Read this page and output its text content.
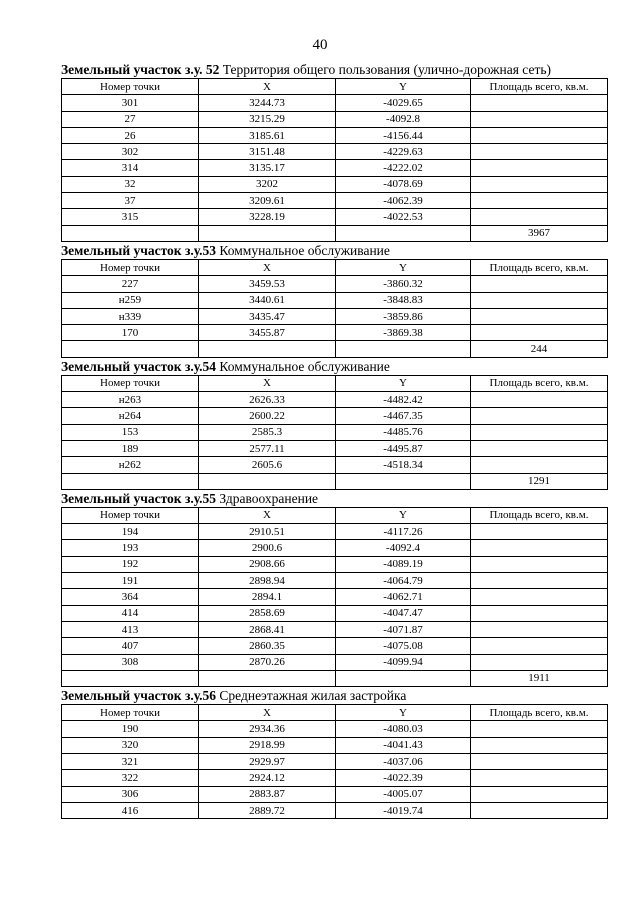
40
Земельный участок з.у. 52 Территория общего пользования (улично-дорожная сеть)
Номер точки	X	Y	Площадь всего, кв.м.
301	3244.73	-4029.65	
27	3215.29	-4092.8	
26	3185.61	-4156.44	
302	3151.48	-4229.63	
314	3135.17	-4222.02	
32	3202	-4078.69	
37	3209.61	-4062.39	
315	3228.19	-4022.53	
			3967
Земельный участок з.у.53 Коммунальное обслуживание
Номер точки	X	Y	Площадь всего, кв.м.
227	3459.53	-3860.32	
н259	3440.61	-3848.83	
н339	3435.47	-3859.86	
170	3455.87	-3869.38	
			244
Земельный участок з.у.54 Коммунальное обслуживание
Номер точки	X	Y	Площадь всего, кв.м.
н263	2626.33	-4482.42	
н264	2600.22	-4467.35	
153	2585.3	-4485.76	
189	2577.11	-4495.87	
н262	2605.6	-4518.34	
			1291
Земельный участок з.у.55 Здравоохранение
Номер точки	X	Y	Площадь всего, кв.м.
194	2910.51	-4117.26	
193	2900.6	-4092.4	
192	2908.66	-4089.19	
191	2898.94	-4064.79	
364	2894.1	-4062.71	
414	2858.69	-4047.47	
413	2868.41	-4071.87	
407	2860.35	-4075.08	
308	2870.26	-4099.94	
			1911
Земельный участок з.у.56 Среднеэтажная жилая застройка
Номер точки	X	Y	Площадь всего, кв.м.
190	2934.36	-4080.03	
320	2918.99	-4041.43	
321	2929.97	-4037.06	
322	2924.12	-4022.39	
306	2883.87	-4005.07	
416	2889.72	-4019.74	
